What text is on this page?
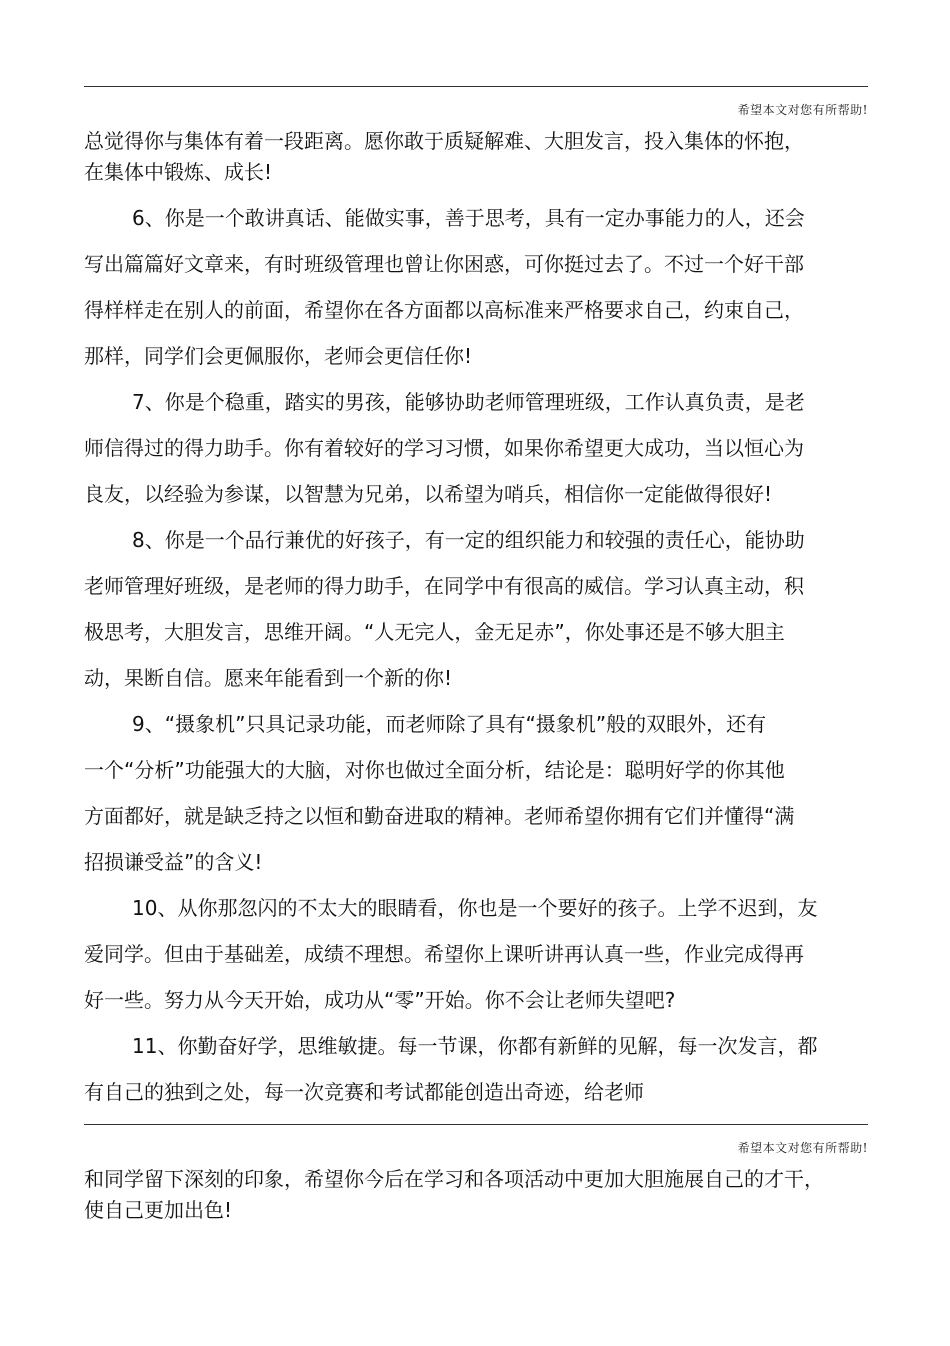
希望本文对您有所帮助!
总觉得你与集体有着一段距离。愿你敢于质疑解难、大胆发言，投入集体的怀抱，
在集体中锻炼、成长!
6、你是一个敢讲真话、能做实事，善于思考，具有一定办事能力的人，还会
写出篇篇好文章来，有时班级管理也曾让你困惑，可你挺过去了。不过一个好干部
得样样走在别人的前面，希望你在各方面都以高标准来严格要求自己，约束自己，
那样，同学们会更佩服你，老师会更信任你!
7、你是个稳重，踏实的男孩，能够协助老师管理班级，工作认真负责，是老
师信得过的得力助手。你有着较好的学习习惯，如果你希望更大成功，当以恒心为
良友，以经验为参谋，以智慧为兄弟，以希望为哨兵，相信你一定能做得很好!
8、你是一个品行兼优的好孩子，有一定的组织能力和较强的责任心，能协助
老师管理好班级，是老师的得力助手，在同学中有很高的威信。学习认真主动，积
极思考，大胆发言，思维开阔。“人无完人，金无足赤”，你处事还是不够大胆主
动，果断自信。愿来年能看到一个新的你!
9、“摄象机”只具记录功能，而老师除了具有“摄象机”般的双眼外，还有
一个“分析”功能强大的大脑，对你也做过全面分析，结论是：聪明好学的你其他
方面都好，就是缺乏持之以恒和勤奋进取的精神。老师希望你拥有它们并懂得“满
招损谦受益”的含义!
10、从你那忽闪的不太大的眼睛看，你也是一个要好的孩子。上学不迟到，友
爱同学。但由于基础差，成绩不理想。希望你上课听讲再认真一些，作业完成得再
好一些。努力从今天开始，成功从“零”开始。你不会让老师失望吧?
11、你勤奋好学，思维敏捷。每一节课，你都有新鲜的见解，每一次发言，都
有自己的独到之处，每一次竞赛和考试都能创造出奇迹，给老师
希望本文对您有所帮助!
和同学留下深刻的印象，希望你今后在学习和各项活动中更加大胆施展自己的才干，
使自己更加出色!
